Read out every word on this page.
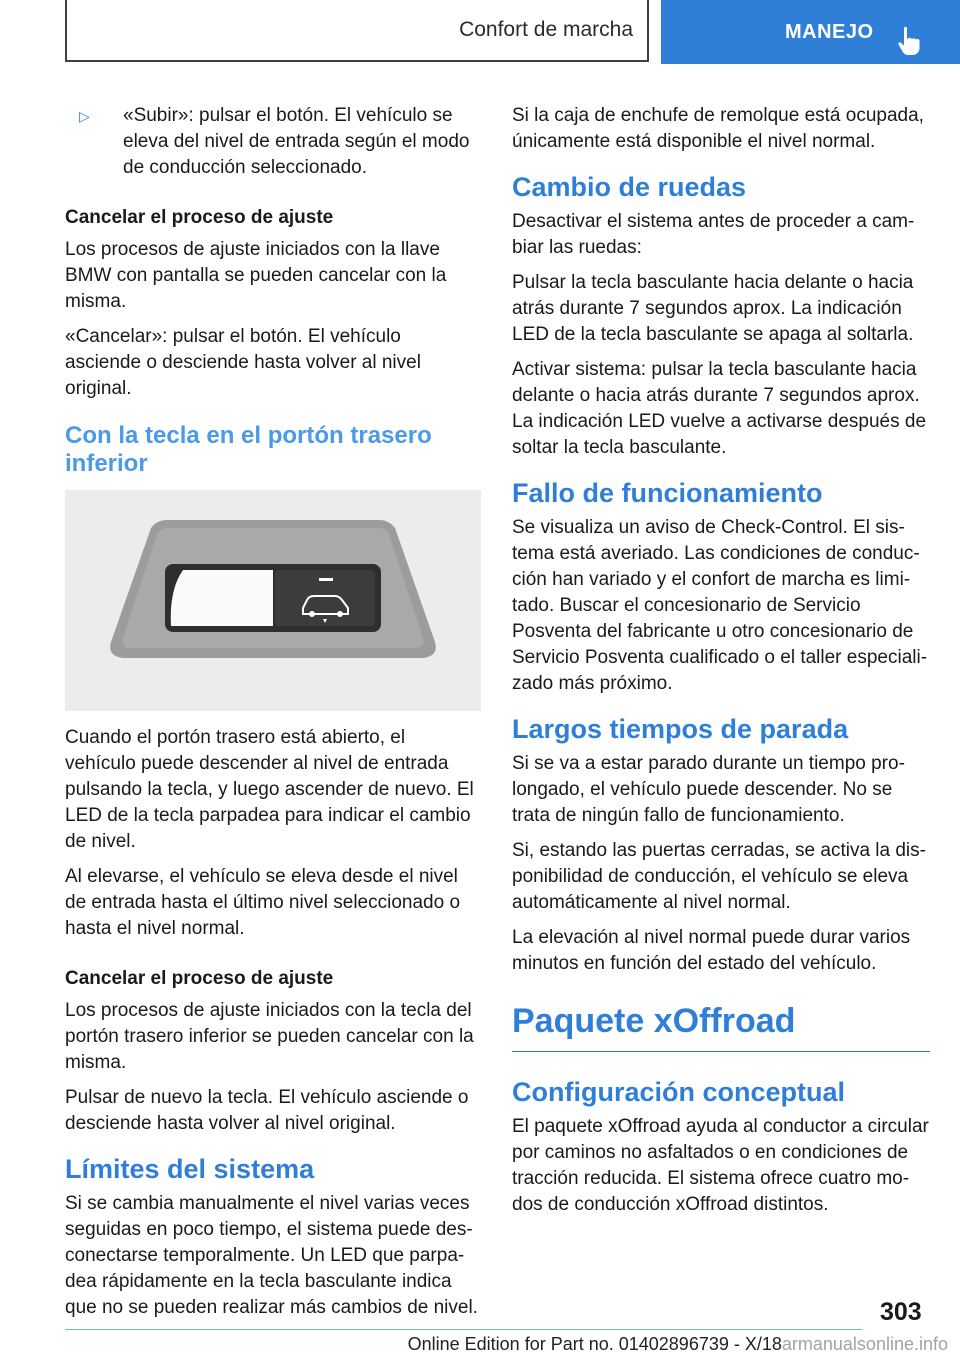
Confort de marcha	MANEJO
▷	«Subir»: pulsar el botón. El vehículo se eleva del nivel de entrada según el modo de conducción seleccionado.
Cancelar el proceso de ajuste

Los procesos de ajuste iniciados con la llave BMW con pantalla se pueden cancelar con la misma.

«Cancelar»: pulsar el botón. El vehículo asciende o desciende hasta volver al nivel original.

Con la tecla en el portón trasero inferior

Cuando el portón trasero está abierto, el vehículo puede descender al nivel de entrada pulsando la tecla, y luego ascender de nuevo. El LED de la tecla parpadea para indicar el cambio de nivel.

Al elevarse, el vehículo se eleva desde el nivel de entrada hasta el último nivel seleccionado o hasta el nivel normal.

Cancelar el proceso de ajuste

Los procesos de ajuste iniciados con la tecla del portón trasero inferior se pueden cancelar con la misma.

Pulsar de nuevo la tecla. El vehículo asciende o desciende hasta volver al nivel original.

Límites del sistema

Si se cambia manualmente el nivel varias veces seguidas en poco tiempo, el sistema puede des-conectarse temporalmente. Un LED que parpa-dea rápidamente en la tecla basculante indica que no se pueden realizar más cambios de nivel.

Si la caja de enchufe de remolque está ocupada, únicamente está disponible el nivel normal.

Cambio de ruedas

Desactivar el sistema antes de proceder a cam-biar las ruedas:

Pulsar la tecla basculante hacia delante o hacia atrás durante 7 segundos aprox. La indicación LED de la tecla basculante se apaga al soltarla.

Activar sistema: pulsar la tecla basculante hacia delante o hacia atrás durante 7 segundos aprox. La indicación LED vuelve a activarse después de soltar la tecla basculante.

Fallo de funcionamiento

Se visualiza un aviso de Check-Control. El sis-tema está averiado. Las condiciones de conduc-ción han variado y el confort de marcha es limi-tado. Buscar el concesionario de Servicio Posventa del fabricante u otro concesionario de Servicio Posventa cualificado o el taller especiali-zado más próximo.

Largos tiempos de parada

Si se va a estar parado durante un tiempo pro-longado, el vehículo puede descender. No se trata de ningún fallo de funcionamiento.

Si, estando las puertas cerradas, se activa la dis-ponibilidad de conducción, el vehículo se eleva automáticamente al nivel normal.

La elevación al nivel normal puede durar varios minutos en función del estado del vehículo.

Paquete xOffroad
Configuración conceptual

El paquete xOffroad ayuda al conductor a circular por caminos no asfaltados o en condiciones de tracción reducida. El sistema ofrece cuatro mo-dos de conducción xOffroad distintos.

303
Online Edition for Part no. 01402896739 - X/18armanualsonline.info
